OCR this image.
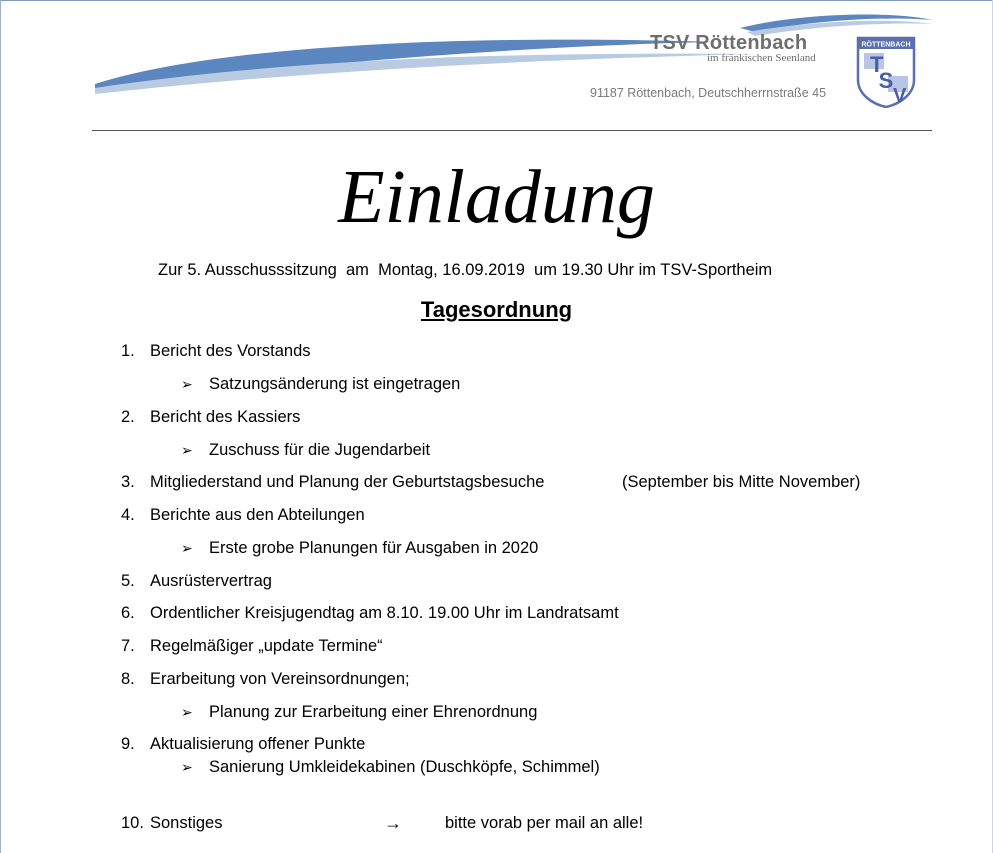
TSV Röttenbach
im fränkischen Seenland
91187 Röttenbach, Deutschherrnstraße 45
RÖTTENBACH
T
S
V
Einladung
Zur 5. Ausschusssitzung  am  Montag, 16.09.2019  um 19.30 Uhr im TSV-Sportheim
Tagesordnung
1. Bericht des Vorstands
➢ Satzungsänderung ist eingetragen
2. Bericht des Kassiers
➢ Zuschuss für die Jugendarbeit
3. Mitgliederstand und Planung der Geburtstagsbesuche	(September bis Mitte November)
4. Berichte aus den Abteilungen
➢ Erste grobe Planungen für Ausgaben in 2020
5. Ausrüstervertrag
6. Ordentlicher Kreisjugendtag am 8.10. 19.00 Uhr im Landratsamt
7. Regelmäßiger „update Termine“
8. Erarbeitung von Vereinsordnungen;
➢ Planung zur Erarbeitung einer Ehrenordnung
9. Aktualisierung offener Punkte
➢ Sanierung Umkleidekabinen (Duschköpfe, Schimmel)
10. Sonstiges	→	bitte vorab per mail an alle!
